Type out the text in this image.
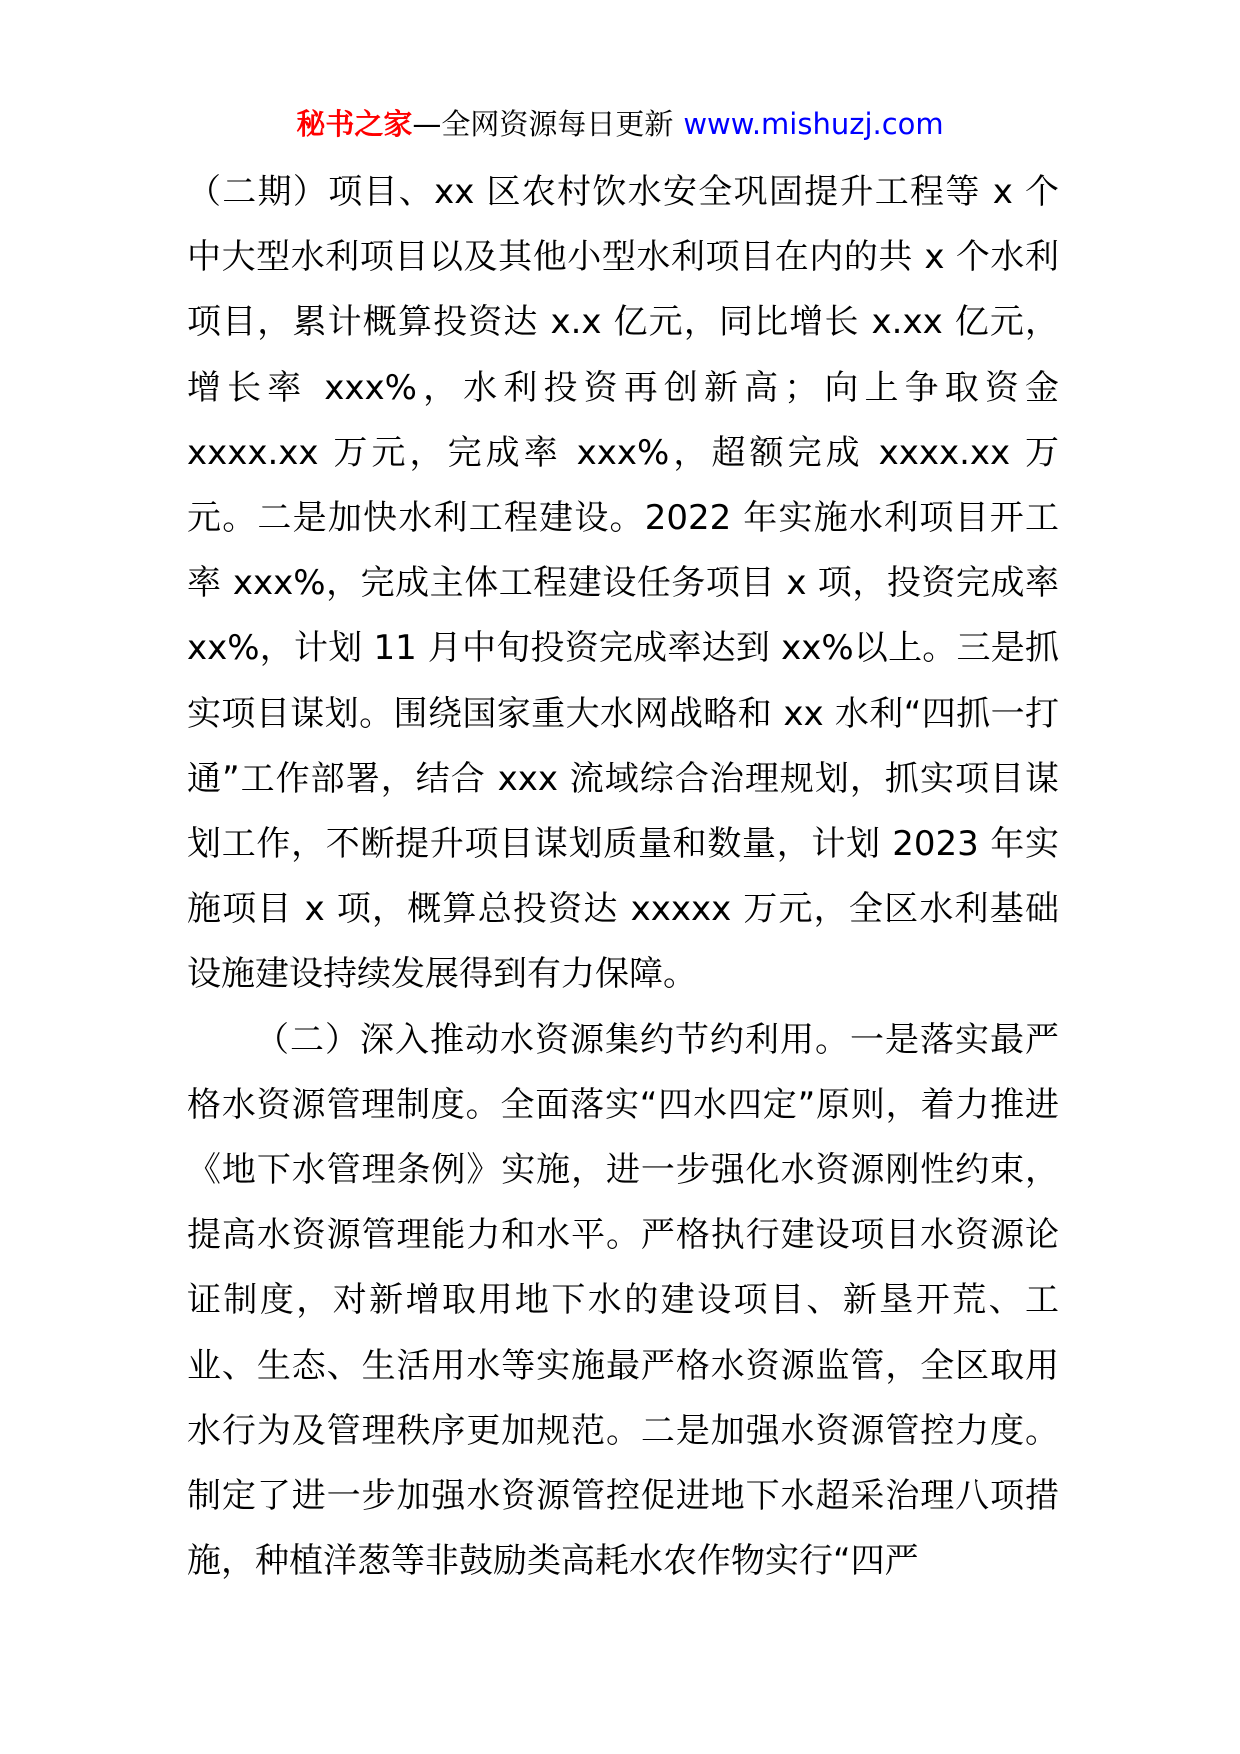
秘书之家—全网资源每日更新 www.mishuzj.com

（二期）项目、xx 区农村饮水安全巩固提升工程等 x 个中大型水利项目以及其他小型水利项目在内的共 x 个水利项目，累计概算投资达 x.x 亿元，同比增长 x.xx 亿元，增长率 xxx%，水利投资再创新高；向上争取资金 xxxx.xx 万元，完成率 xxx%，超额完成 xxxx.xx 万元。二是加快水利工程建设。2022 年实施水利项目开工率 xxx%，完成主体工程建设任务项目 x 项，投资完成率 xx%，计划 11 月中旬投资完成率达到 xx%以上。三是抓实项目谋划。围绕国家重大水网战略和 xx 水利“四抓一打通”工作部署，结合 xxx 流域综合治理规划，抓实项目谋划工作，不断提升项目谋划质量和数量，计划 2023 年实施项目 x 项，概算总投资达 xxxxx 万元，全区水利基础设施建设持续发展得到有力保障。

（二）深入推动水资源集约节约利用。一是落实最严格水资源管理制度。全面落实“四水四定”原则，着力推进《地下水管理条例》实施，进一步强化水资源刚性约束，提高水资源管理能力和水平。严格执行建设项目水资源论证制度，对新增取用地下水的建设项目、新垦开荒、工业、生态、生活用水等实施最严格水资源监管，全区取用水行为及管理秩序更加规范。二是加强水资源管控力度。制定了进一步加强水资源管控促进地下水超采治理八项措施，种植洋葱等非鼓励类高耗水农作物实行“四严
